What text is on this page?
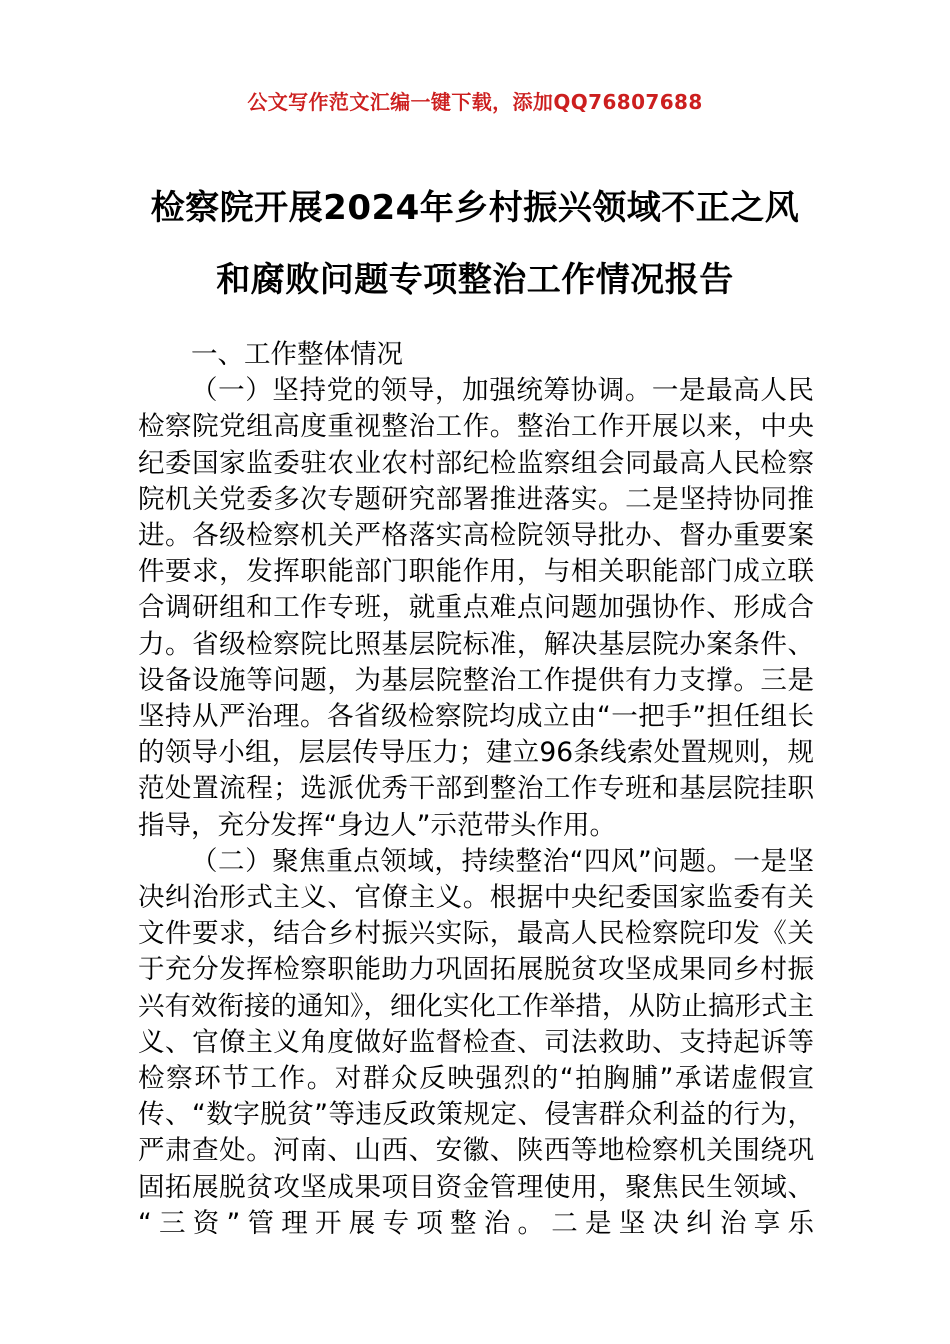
公文写作范文汇编一键下载，添加QQ76807688
检察院开展2024年乡村振兴领域不正之风
和腐败问题专项整治工作情况报告

一、工作整体情况

（一）坚持党的领导，加强统筹协调。一是最高人民检察院党组高度重视整治工作。整治工作开展以来，中央纪委国家监委驻农业农村部纪检监察组会同最高人民检察院机关党委多次专题研究部署推进落实。二是坚持协同推进。各级检察机关严格落实高检院领导批办、督办重要案件要求，发挥职能部门职能作用，与相关职能部门成立联合调研组和工作专班，就重点难点问题加强协作、形成合力。省级检察院比照基层院标准，解决基层院办案条件、设备设施等问题，为基层院整治工作提供有力支撑。三是坚持从严治理。各省级检察院均成立由“一把手”担任组长的领导小组，层层传导压力；建立96条线索处置规则，规范处置流程；选派优秀干部到整治工作专班和基层院挂职指导，充分发挥“身边人”示范带头作用。

（二）聚焦重点领域，持续整治“四风”问题。一是坚决纠治形式主义、官僚主义。根据中央纪委国家监委有关文件要求，结合乡村振兴实际，最高人民检察院印发《关于充分发挥检察职能助力巩固拓展脱贫攻坚成果同乡村振兴有效衔接的通知》，细化实化工作举措，从防止搞形式主义、官僚主义角度做好监督检查、司法救助、支持起诉等检察环节工作。对群众反映强烈的“拍胸脯”承诺虚假宣传、“数字脱贫”等违反政策规定、侵害群众利益的行为，严肃查处。河南、山西、安徽、陕西等地检察机关围绕巩固拓展脱贫攻坚成果项目资金管理使用，聚焦民生领域、“三资”管理开展专项整治。二是坚决纠治享乐
